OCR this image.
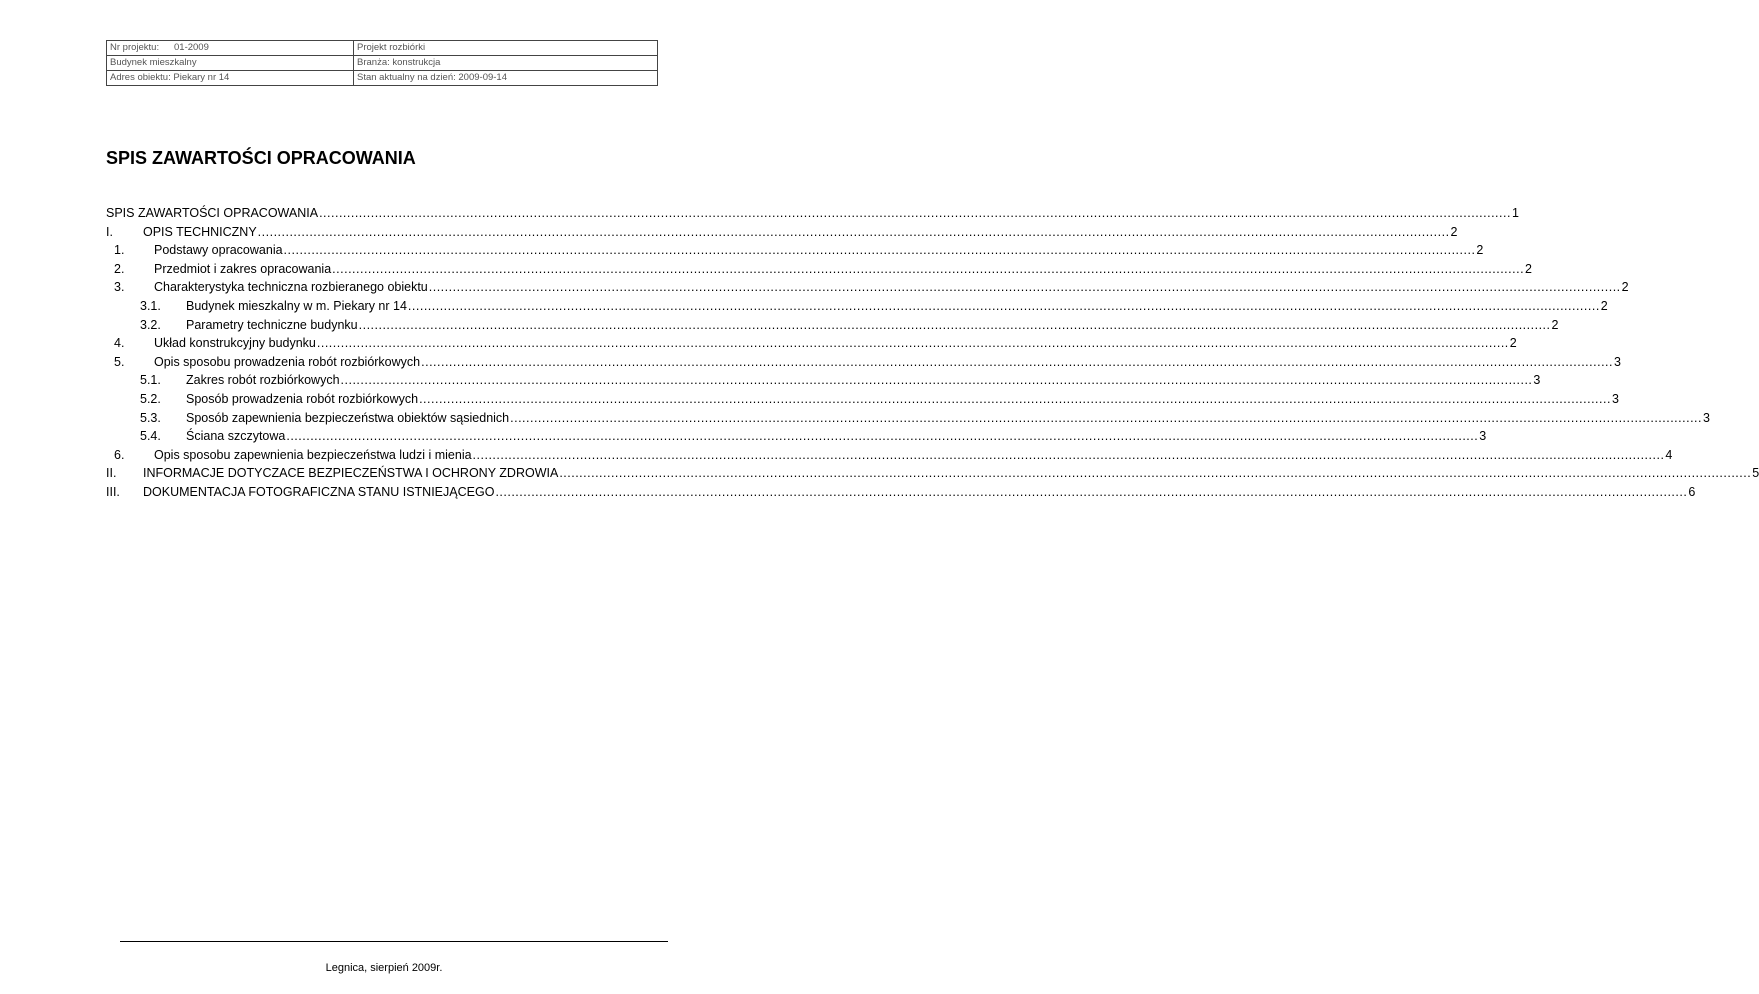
Nr projektu: 01-2009	Projekt rozbiórki
Budynek mieszkalny	Branża: konstrukcja
Adres obiektu: Piekary nr 14	Stan aktualny na dzień: 2009-09-14
SPIS ZAWARTOŚCI OPRACOWANIA
SPIS ZAWARTOŚCI OPRACOWANIA ............................................................................................................................................................................................................................................................................................................ 1
I. OPIS TECHNICZNY ............................................................................................................................................................................................................................................................................................................ 2
1. Podstawy opracowania ............................................................................................................................................................................................................................................................................................................ 2
2. Przedmiot i zakres opracowania ............................................................................................................................................................................................................................................................................................................ 2
3. Charakterystyka techniczna rozbieranego obiektu ............................................................................................................................................................................................................................................................................................................ 2
3.1. Budynek mieszkalny w m. Piekary nr 14 ............................................................................................................................................................................................................................................................................................................ 2
3.2. Parametry techniczne budynku ............................................................................................................................................................................................................................................................................................................ 2
4. Układ konstrukcyjny budynku ............................................................................................................................................................................................................................................................................................................ 2
5. Opis sposobu prowadzenia robót rozbiórkowych ............................................................................................................................................................................................................................................................................................................ 3
5.1. Zakres robót rozbiórkowych ............................................................................................................................................................................................................................................................................................................ 3
5.2. Sposób prowadzenia robót rozbiórkowych ............................................................................................................................................................................................................................................................................................................ 3
5.3. Sposób zapewnienia bezpieczeństwa obiektów sąsiednich ............................................................................................................................................................................................................................................................................................................ 3
5.4. Ściana szczytowa ............................................................................................................................................................................................................................................................................................................ 3
6. Opis sposobu zapewnienia bezpieczeństwa ludzi i mienia ............................................................................................................................................................................................................................................................................................................ 4
II. INFORMACJE DOTYCZACE BEZPIECZEŃSTWA I OCHRONY ZDROWIA ............................................................................................................................................................................................................................................................................................................ 5
III. DOKUMENTACJA FOTOGRAFICZNA STANU ISTNIEJĄCEGO ............................................................................................................................................................................................................................................................................................................ 6
Legnica, sierpień 2009r.
